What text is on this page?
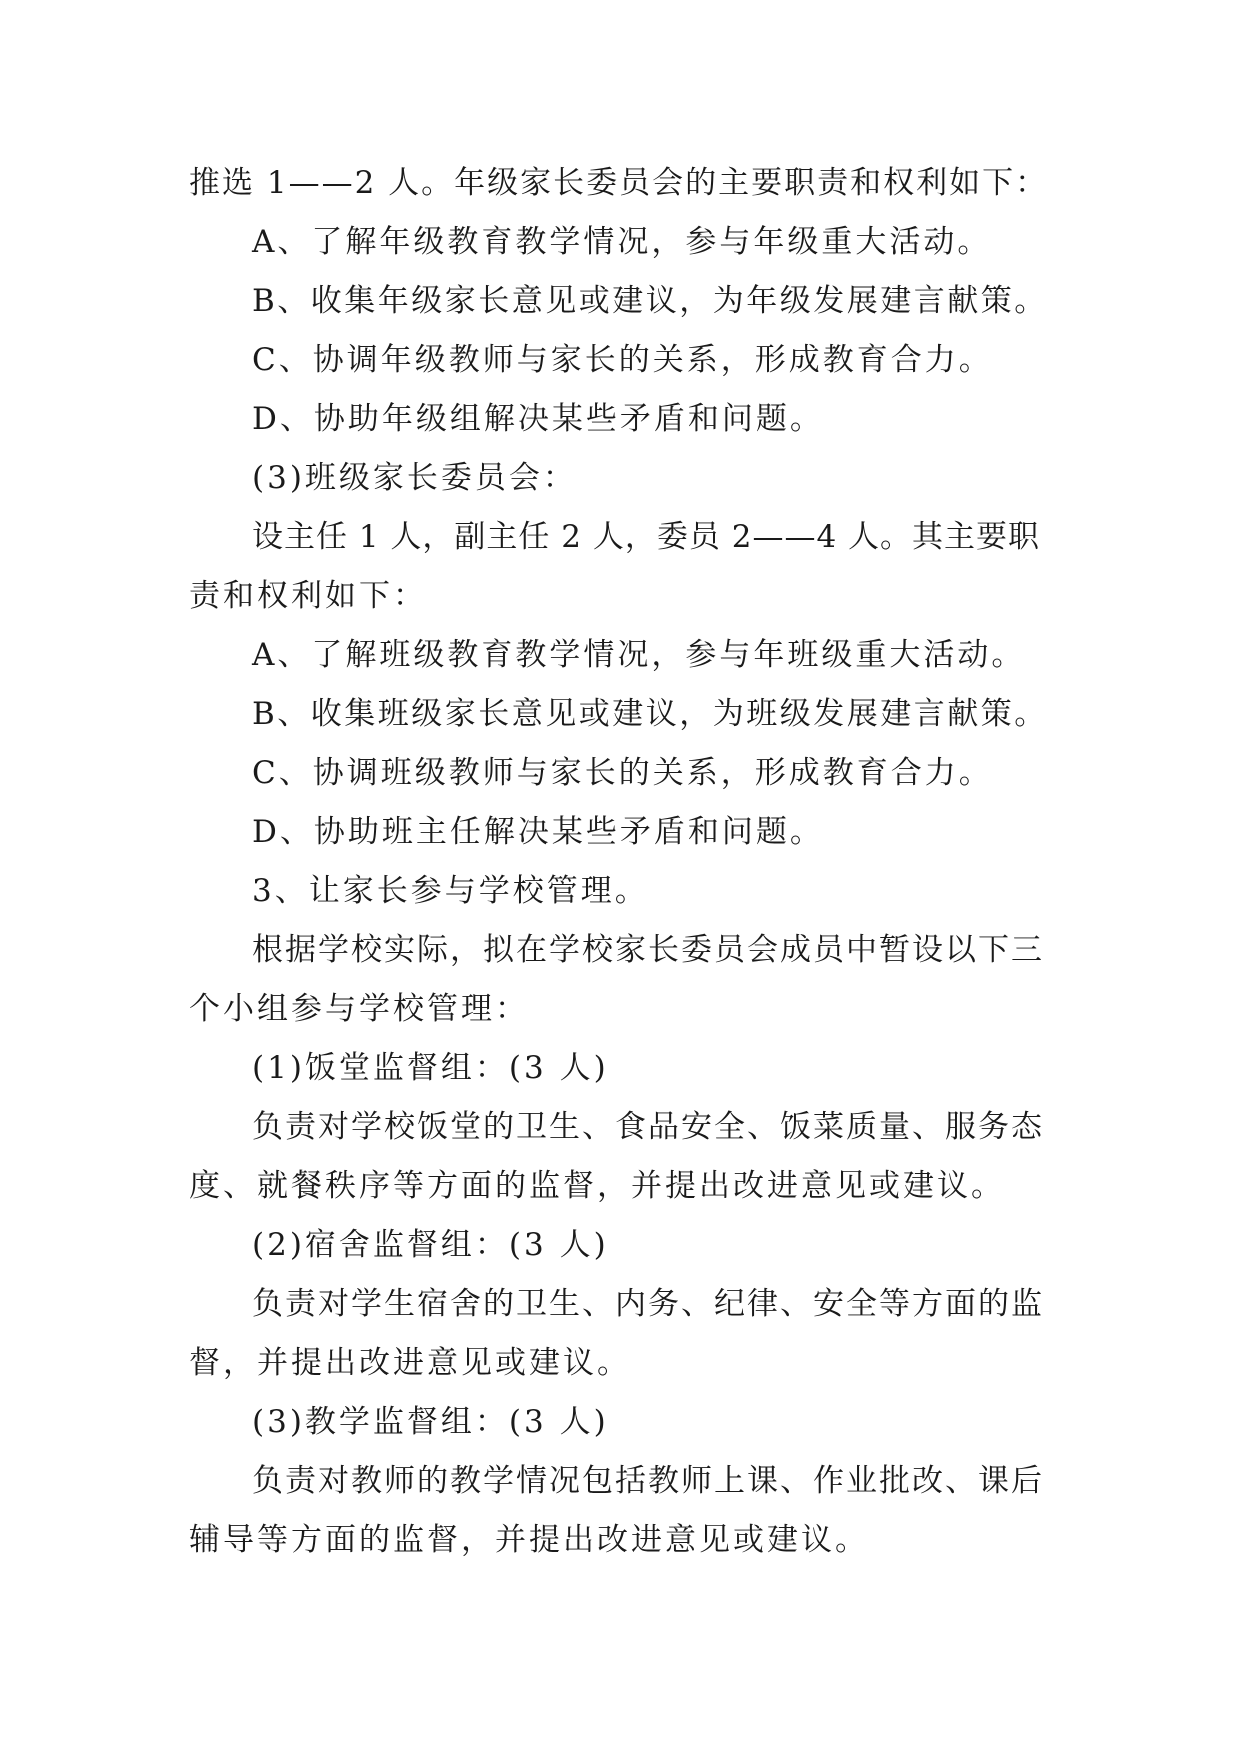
推选 1——2 人。年级家长委员会的主要职责和权利如下：
A、了解年级教育教学情况，参与年级重大活动。
B、收集年级家长意见或建议，为年级发展建言献策。
C、协调年级教师与家长的关系，形成教育合力。
D、协助年级组解决某些矛盾和问题。
(3)班级家长委员会：
设主任 1 人，副主任 2 人，委员 2——4 人。其主要职
责和权利如下：
A、了解班级教育教学情况，参与年班级重大活动。
B、收集班级家长意见或建议，为班级发展建言献策。
C、协调班级教师与家长的关系，形成教育合力。
D、协助班主任解决某些矛盾和问题。
3、让家长参与学校管理。
根据学校实际，拟在学校家长委员会成员中暂设以下三
个小组参与学校管理：
(1)饭堂监督组：(3 人)
负责对学校饭堂的卫生、食品安全、饭菜质量、服务态
度、就餐秩序等方面的监督，并提出改进意见或建议。
(2)宿舍监督组：(3 人)
负责对学生宿舍的卫生、内务、纪律、安全等方面的监
督，并提出改进意见或建议。
(3)教学监督组：(3 人)
负责对教师的教学情况包括教师上课、作业批改、课后
辅导等方面的监督，并提出改进意见或建议。
